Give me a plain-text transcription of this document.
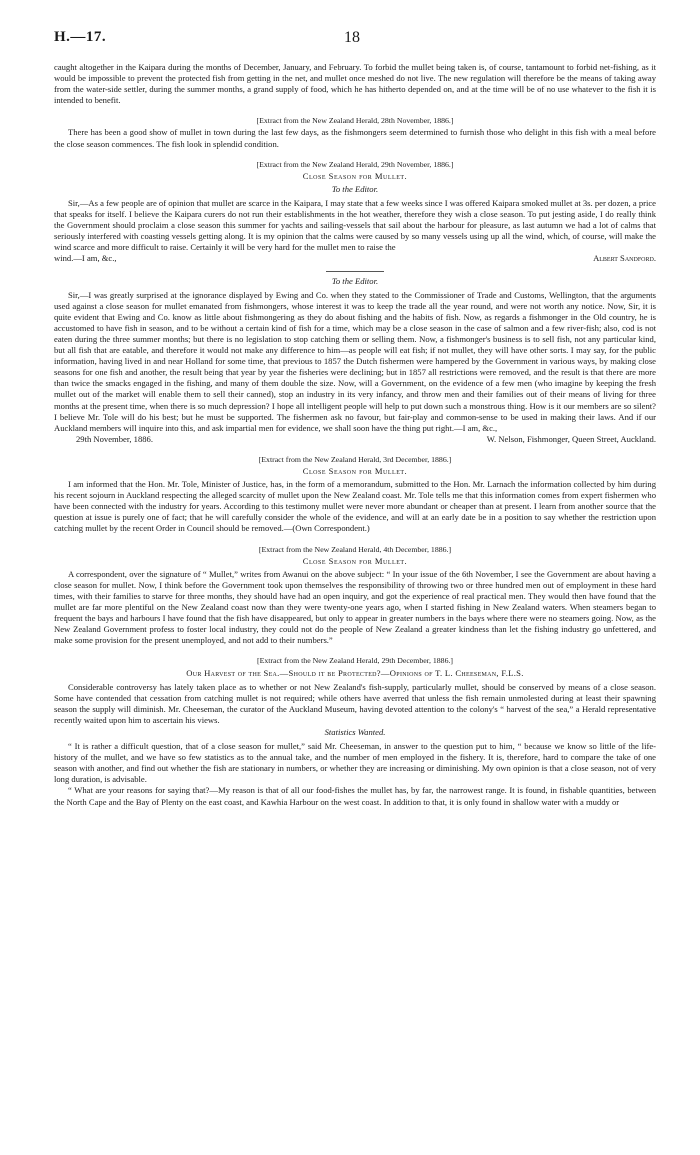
H.—17.	18

caught altogether in the Kaipara during the months of December, January, and February. To forbid the mullet being taken is, of course, tantamount to forbid net-fishing, as it would be impossible to prevent the protected fish from getting in the net, and mullet once meshed do not live. The new regulation will therefore be the means of taking away from the water-side settler, during the summer months, a grand supply of food, which he has hitherto depended on, and at the time will be of no use whatever to the fish it is intended to benefit.

[Extract from the New Zealand Herald, 28th November, 1886.]

There has been a good show of mullet in town during the last few days, as the fishmongers seem determined to furnish those who delight in this fish with a meal before the close season commences. The fish look in splendid condition.

[Extract from the New Zealand Herald, 29th November, 1886.]
Close Season for Mullet.
To the Editor.

Sir,—As a few people are of opinion that mullet are scarce in the Kaipara, I may state that a few weeks since I was offered Kaipara smoked mullet at 3s. per dozen, a price that speaks for itself. I believe the Kaipara curers do not run their establishments in the hot weather, therefore they wish a close season. To put jesting aside, I do really think the Government should proclaim a close season this summer for yachts and sailing-vessels that sail about the harbour for pleasure, as last autumn we had a lot of calms that seriously interfered with coasting vessels getting along. It is my opinion that the calms were caused by so many vessels using up all the wind, which, of course, will make the wind scarce and more difficult to raise. Certainly it will be very hard for the mullet men to raise the

wind.—I am, &c.,	Albert Sandford.
To the Editor.

Sir,—I was greatly surprised at the ignorance displayed by Ewing and Co. when they stated to the Commissioner of Trade and Customs, Wellington, that the arguments used against a close season for mullet emanated from fishmongers, whose interest it was to keep the trade all the year round, and were not worth any notice. Now, Sir, it is quite evident that Ewing and Co. know as little about fishmongering as they do about fishing and the habits of fish. Now, as regards a fishmonger in the Old country, he is accustomed to have fish in season, and to be without a certain kind of fish for a time, which may be a close season in the case of salmon and a few river-fish; also, cod is not eaten during the three summer months; but there is no legislation to stop catching them or selling them. Now, a fishmonger's business is to sell fish, not any particular kind, but all fish that are eatable, and therefore it would not make any difference to him—as people will eat fish; if not mullet, they will have other sorts. I may say, for the public information, having lived in and near Holland for some time, that previous to 1857 the Dutch fishermen were hampered by the Government in various ways, by making close seasons for one fish and another, the result being that year by year the fisheries were declining; but in 1857 all restrictions were removed, and the result is that there are more than twice the smacks engaged in the fishing, and many of them double the size. Now, will a Government, on the evidence of a few men (who imagine by keeping the fresh mullet out of the market will enable them to sell their canned), stop an industry in its very infancy, and throw men and their families out of their means of living for three months at the present time, when there is so much depression? I hope all intelligent people will help to put down such a monstrous thing. How is it our members are so silent? I believe Mr. Tole will do his best; but he must be supported. The fishermen ask no favour, but fair-play and common-sense to be used in making their laws. And if our Auckland members will inquire into this, and ask impartial men for evidence, we shall soon have the thing put right.—I am, &c.,

29th November, 1886.	W. Nelson, Fishmonger, Queen Street, Auckland.
[Extract from the New Zealand Herald, 3rd December, 1886.]
Close Season for Mullet.

I am informed that the Hon. Mr. Tole, Minister of Justice, has, in the form of a memorandum, submitted to the Hon. Mr. Larnach the information collected by him during his recent sojourn in Auckland respecting the alleged scarcity of mullet upon the New Zealand coast. Mr. Tole tells me that this information comes from expert fishermen who have been connected with the industry for years. According to this testimony mullet were never more abundant or cheaper than at present. I learn from another source that the question at issue is purely one of fact; that he will carefully consider the whole of the evidence, and will at an early date be in a position to say whether the restriction upon catching mullet by the recent Order in Council should be removed.—(Own Correspondent.)

[Extract from the New Zealand Herald, 4th December, 1886.]
Close Season for Mullet.

A correspondent, over the signature of “ Mullet,” writes from Awanui on the above subject: “ In your issue of the 6th November, I see the Government are about having a close season for mullet. Now, I think before the Government took upon themselves the responsibility of throwing two or three hundred men out of employment in these hard times, with their families to starve for three months, they should have had an open inquiry, and got the experience of real practical men. They would then have found that the mullet are far more plentiful on the New Zealand coast now than they were twenty-one years ago, when I started fishing in New Zealand waters. When steamers began to frequent the bays and harbours I have found that the fish have disappeared, but only to appear in greater numbers in the bays where there were no steamers going. Now, as the New Zealand Government profess to foster local industry, they could not do the people of New Zealand a greater kindness than let the fishing industry go unfettered, and make some provision for the present unemployed, and not add to their numbers.”

[Extract from the New Zealand Herald, 29th December, 1886.]
Our Harvest of the Sea.—Should it be Protected?—Opinions of T. L. Cheeseman, F.L.S.

Considerable controversy has lately taken place as to whether or not New Zealand's fish-supply, particularly mullet, should be conserved by means of a close season. Some have contended that cessation from catching mullet is not required; while others have averred that unless the fish remain unmolested during at least their spawning season the supply will diminish. Mr. Cheeseman, the curator of the Auckland Museum, having devoted attention to the colony's “ harvest of the sea,” a Herald representative recently waited upon him to ascertain his views.

Statistics Wanted.

“ It is rather a difficult question, that of a close season for mullet,” said Mr. Cheeseman, in answer to the question put to him, “ because we know so little of the life-history of the mullet, and we have so few statistics as to the annual take, and the number of men employed in the fishery. It is, therefore, hard to compare the take of one season with another, and find out whether the fish are stationary in numbers, or whether they are increasing or diminishing. My own opinion is that a close season, not of very long duration, is advisable.

“ What are your reasons for saying that?—My reason is that of all our food-fishes the mullet has, by far, the narrowest range. It is found, in fishable quantities, between the North Cape and the Bay of Plenty on the east coast, and Kawhia Harbour on the west coast. In addition to that, it is only found in shallow water with a muddy or
